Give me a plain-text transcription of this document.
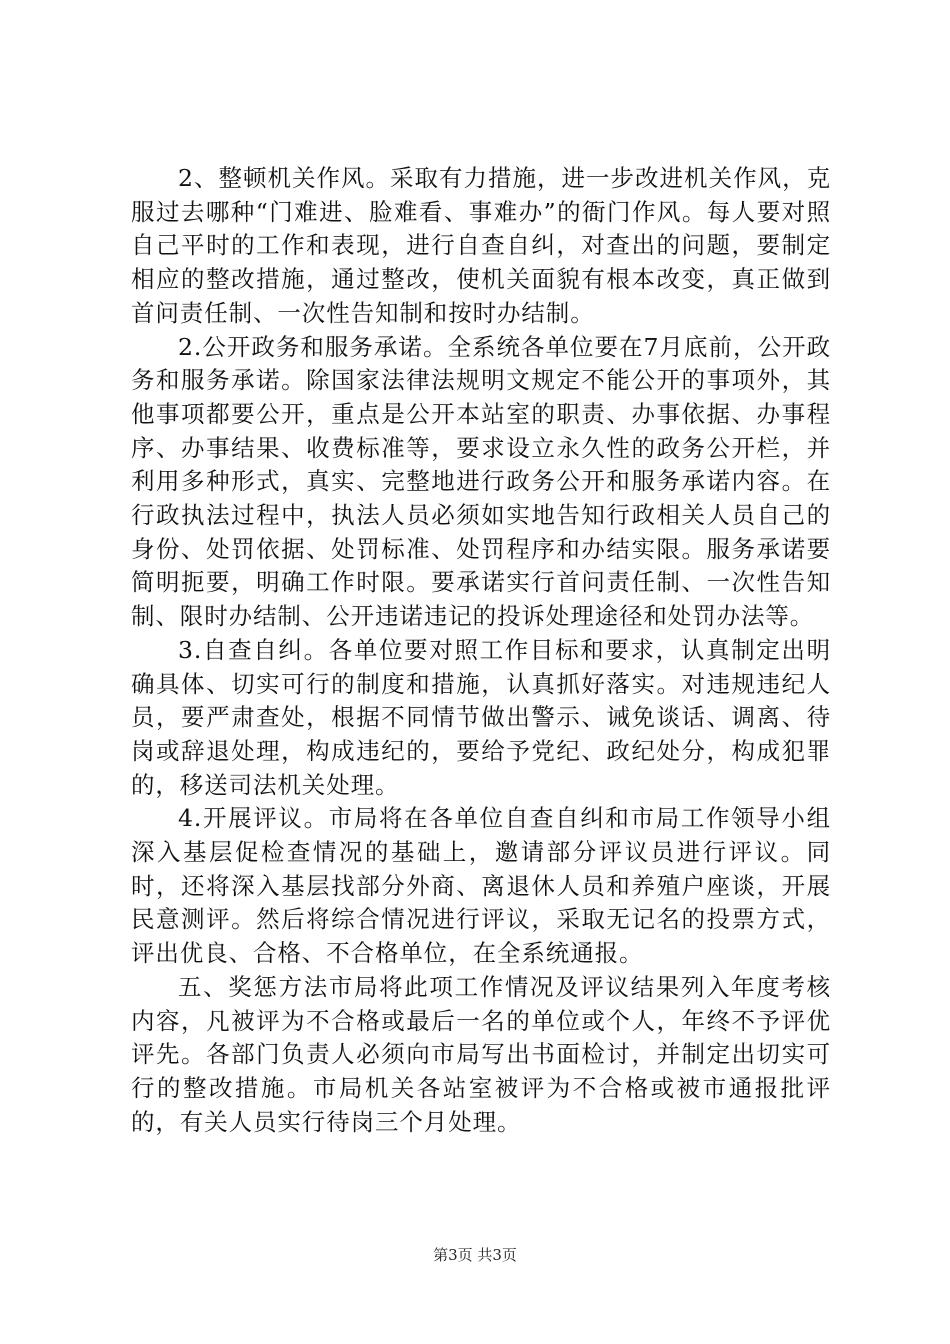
2、整顿机关作风。采取有力措施，进一步改进机关作风，克服过去哪种“门难进、脸难看、事难办”的衙门作风。每人要对照自己平时的工作和表现，进行自查自纠，对查出的问题，要制定相应的整改措施，通过整改，使机关面貌有根本改变，真正做到首问责任制、一次性告知制和按时办结制。

2.公开政务和服务承诺。全系统各单位要在7月底前，公开政务和服务承诺。除国家法律法规明文规定不能公开的事项外，其他事项都要公开，重点是公开本站室的职责、办事依据、办事程序、办事结果、收费标准等，要求设立永久性的政务公开栏，并利用多种形式，真实、完整地进行政务公开和服务承诺内容。在行政执法过程中，执法人员必须如实地告知行政相关人员自己的身份、处罚依据、处罚标准、处罚程序和办结实限。服务承诺要简明扼要，明确工作时限。要承诺实行首问责任制、一次性告知制、限时办结制、公开违诺违记的投诉处理途径和处罚办法等。

3.自查自纠。各单位要对照工作目标和要求，认真制定出明确具体、切实可行的制度和措施，认真抓好落实。对违规违纪人员，要严肃查处，根据不同情节做出警示、诫免谈话、调离、待岗或辞退处理，构成违纪的，要给予党纪、政纪处分，构成犯罪的，移送司法机关处理。

4.开展评议。市局将在各单位自查自纠和市局工作领导小组深入基层促检查情况的基础上，邀请部分评议员进行评议。同时，还将深入基层找部分外商、离退休人员和养殖户座谈，开展民意测评。然后将综合情况进行评议，采取无记名的投票方式，评出优良、合格、不合格单位，在全系统通报。

五、奖惩方法市局将此项工作情况及评议结果列入年度考核内容，凡被评为不合格或最后一名的单位或个人，年终不予评优评先。各部门负责人必须向市局写出书面检讨，并制定出切实可行的整改措施。市局机关各站室被评为不合格或被市通报批评的，有关人员实行待岗三个月处理。

第3页 共3页
